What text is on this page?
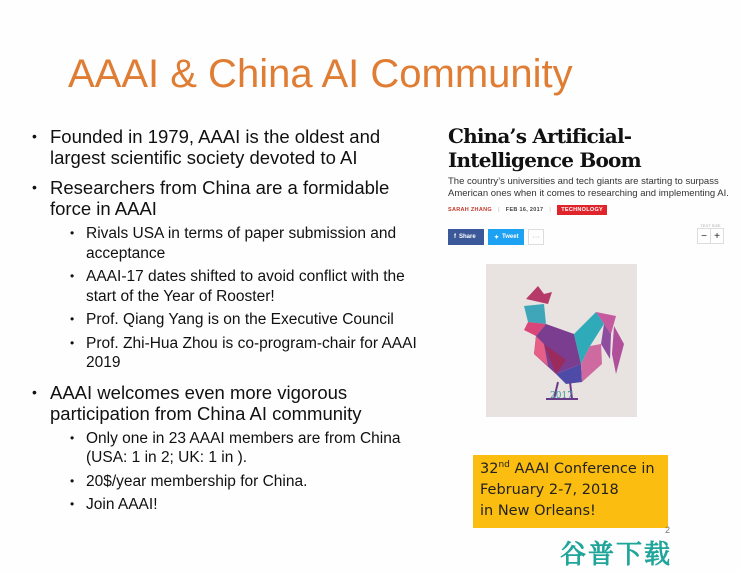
AAAI & China AI Community
• Founded in 1979, AAAI is the oldest and largest scientific society devoted to AI
• Researchers from China are a formidable force in AAAI
• Rivals USA in terms of paper submission and acceptance
• AAAI-17 dates shifted to avoid conflict with the start of the Year of Rooster!
• Prof. Qiang Yang is on the Executive Council
• Prof. Zhi-Hua Zhou is co-program-chair for AAAI 2019
• AAAI welcomes even more vigorous participation from China AI community
• Only one in 23 AAAI members are from China (USA: 1 in 2; UK: 1 in ).
• 20$/year membership for China.
• Join AAAI!
China’s Artificial-
Intelligence Boom
The country’s universities and tech giants are starting to surpass American ones when it comes to researching and implementing AI.
SARAH ZHANG | FEB 16, 2017 |	TECHNOLOGY
f Share	✦ Tweet	···
TEXT SIZE
− +
2017
32nd AAAI Conference in
February 2-7, 2018
in New Orleans!
2
谷普下载
